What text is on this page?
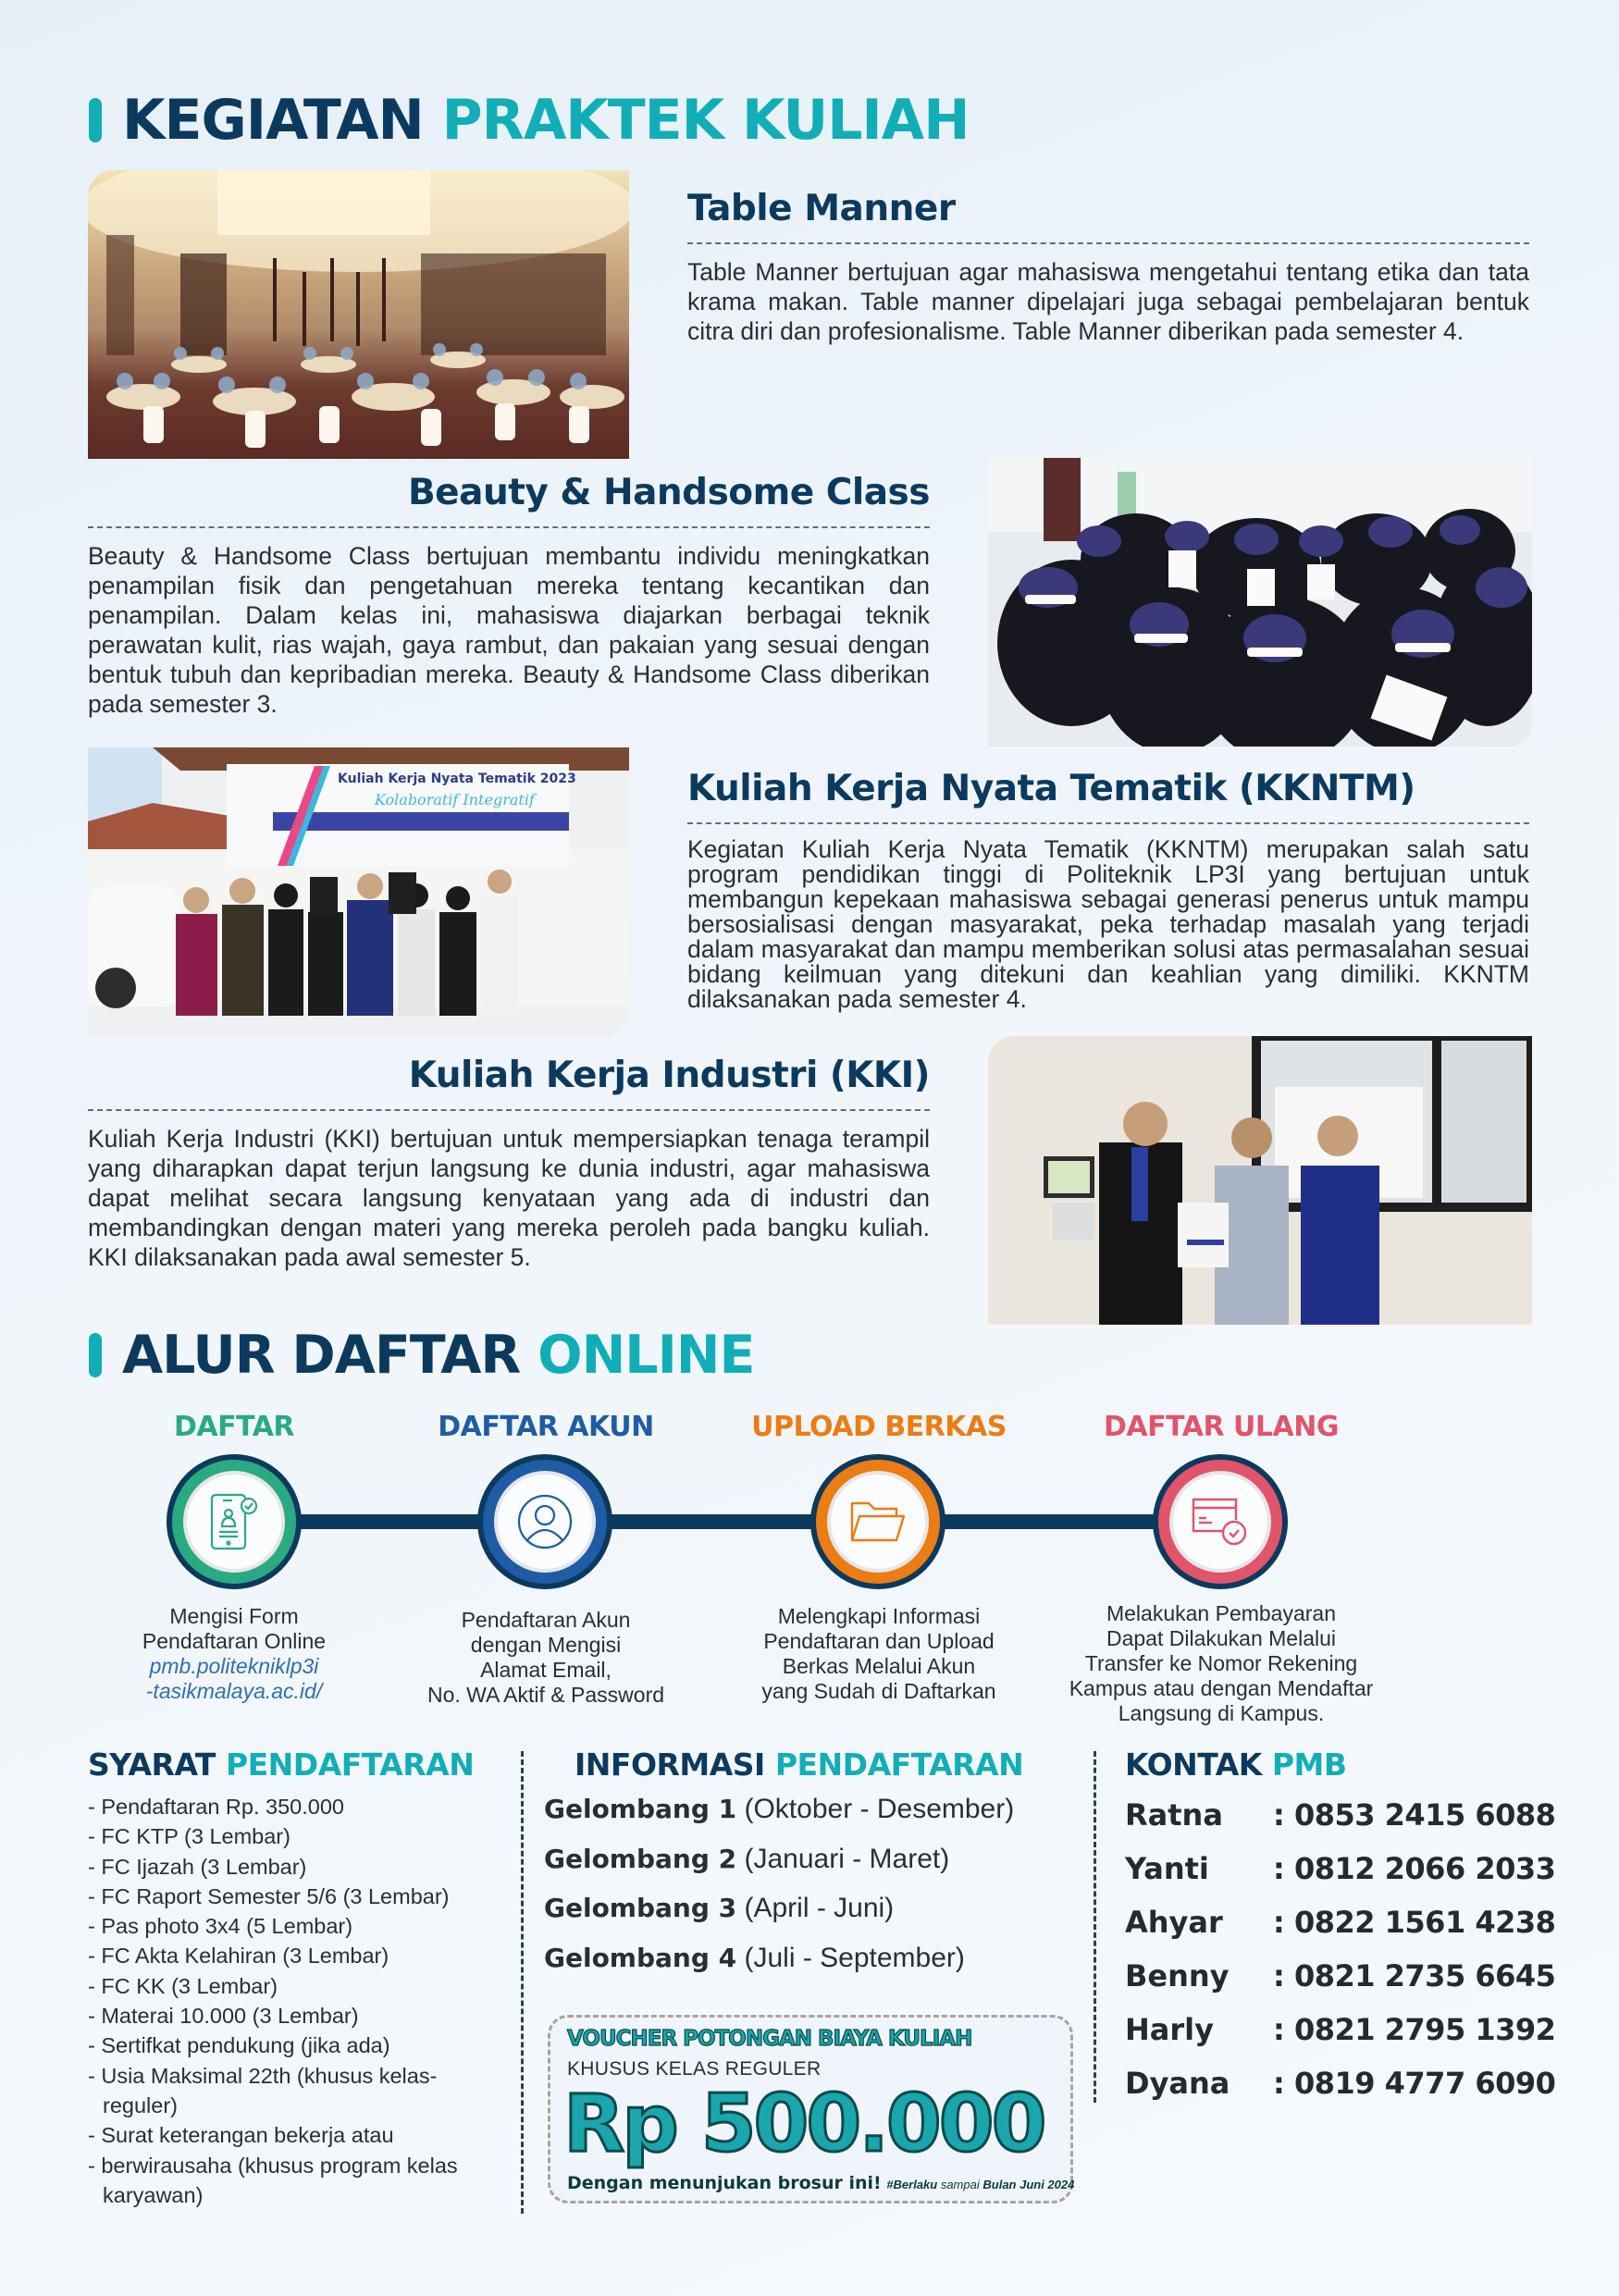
KEGIATAN PRAKTEK KULIAH
Table Manner
Table Manner bertujuan agar mahasiswa mengetahui tentang etika dan tata krama makan. Table manner dipelajari juga sebagai pembelajaran bentuk citra diri dan profesionalisme. Table Manner diberikan pada semester 4.
Beauty & Handsome Class
Beauty & Handsome Class bertujuan membantu individu meningkatkan penampilan fisik dan pengetahuan mereka tentang kecantikan dan penampilan. Dalam kelas ini, mahasiswa diajarkan berbagai teknik perawatan kulit, rias wajah, gaya rambut, dan pakaian yang sesuai dengan bentuk tubuh dan kepribadian mereka. Beauty & Handsome Class diberikan pada semester 3.
Kuliah Kerja Nyata Tematik 2023
Kolaboratif Integratif	Kuliah Kerja Nyata Tematik (KKNTM)
Kegiatan Kuliah Kerja Nyata Tematik (KKNTM) merupakan salah satu program pendidikan tinggi di Politeknik LP3I yang bertujuan untuk membangun kepekaan mahasiswa sebagai generasi penerus untuk mampu bersosialisasi dengan masyarakat, peka terhadap masalah yang terjadi dalam masyarakat dan mampu memberikan solusi atas permasalahan sesuai bidang keilmuan yang ditekuni dan keahlian yang dimiliki. KKNTM dilaksanakan pada semester 4.
Kuliah Kerja Industri (KKI)
Kuliah Kerja Industri (KKI) bertujuan untuk mempersiapkan tenaga terampil yang diharapkan dapat terjun langsung ke dunia industri, agar mahasiswa dapat melihat secara langsung kenyataan yang ada di industri dan membandingkan dengan materi yang mereka peroleh pada bangku kuliah. KKI dilaksanakan pada awal semester 5.
ALUR DAFTAR ONLINE
DAFTAR
Mengisi Form
Pendaftaran Online
pmb.politekniklp3i
-tasikmalaya.ac.id/
DAFTAR AKUN
Pendaftaran Akun
dengan Mengisi
Alamat Email,
No. WA Aktif & Password
UPLOAD BERKAS
Melengkapi Informasi
Pendaftaran dan Upload
Berkas Melalui Akun
yang Sudah di Daftarkan
DAFTAR ULANG
Melakukan Pembayaran
Dapat Dilakukan Melalui
Transfer ke Nomor Rekening
Kampus atau dengan Mendaftar
Langsung di Kampus.
SYARAT PENDAFTARAN
- Pendaftaran Rp. 350.000
- FC KTP (3 Lembar)
- FC Ijazah (3 Lembar)
- FC Raport Semester 5/6 (3 Lembar)
- Pas photo 3x4 (5 Lembar)
- FC Akta Kelahiran (3 Lembar)
- FC KK (3 Lembar)
- Materai 10.000 (3 Lembar)
- Sertifkat pendukung (jika ada)
- Usia Maksimal 22th (khusus kelas-reguler)
- Surat keterangan bekerja atau
- berwirausaha (khusus program kelas karyawan)
INFORMASI PENDAFTARAN
Gelombang 1 (Oktober - Desember)
Gelombang 2 (Januari - Maret)
Gelombang 3 (April - Juni)
Gelombang 4 (Juli - September)
VOUCHER POTONGAN BIAYA KULIAH
KHUSUS KELAS REGULER
Rp 500.000
Dengan menunjukan brosur ini! #Berlaku sampai Bulan Juni 2024
KONTAK PMB
Ratna	: 0853 2415 6088
Yanti	: 0812 2066 2033
Ahyar	: 0822 1561 4238
Benny	: 0821 2735 6645
Harly	: 0821 2795 1392
Dyana	: 0819 4777 6090
